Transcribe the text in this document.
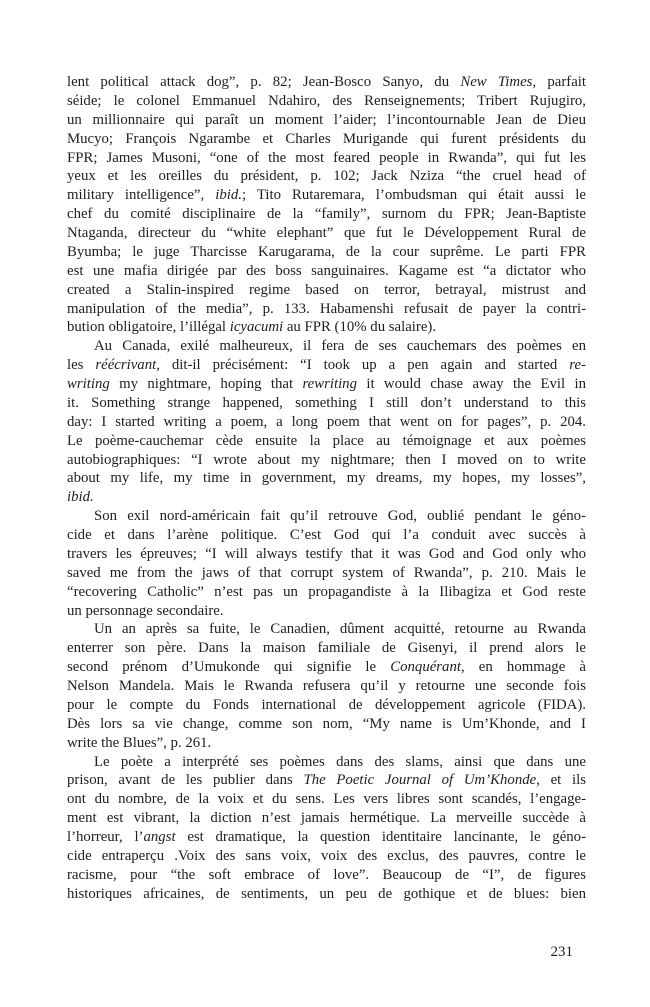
lent political attack dog”, p. 82; Jean-Bosco Sanyo, du New Times, parfait
séide; le colonel Emmanuel Ndahiro, des Renseignements; Tribert Rujugiro,
un millionnaire qui paraît un moment l’aider; l’incontournable Jean de Dieu
Mucyo; François Ngarambe et Charles Murigande qui furent présidents du
FPR; James Musoni, “one of the most feared people in Rwanda”, qui fut les
yeux et les oreilles du président, p. 102; Jack Nziza “the cruel head of
military intelligence”, ibid.; Tito Rutaremara, l’ombudsman qui était aussi le
chef du comité disciplinaire de la “family”, surnom du FPR; Jean-Baptiste
Ntaganda, directeur du “white elephant” que fut le Développement Rural de
Byumba; le juge Tharcisse Karugarama, de la cour suprême. Le parti FPR
est une mafia dirigée par des boss sanguinaires. Kagame est “a dictator who
created a Stalin-inspired regime based on terror, betrayal, mistrust and
manipulation of the media”, p. 133. Habamenshi refusait de payer la contri-
bution obligatoire, l’illégal icyacumi au FPR (10% du salaire).
Au Canada, exilé malheureux, il fera de ses cauchemars des poèmes en
les réécrivant, dit-il précisément: “I took up a pen again and started re-
writing my nightmare, hoping that rewriting it would chase away the Evil in
it. Something strange happened, something I still don’t understand to this
day: I started writing a poem, a long poem that went on for pages”, p. 204.
Le poème-cauchemar cède ensuite la place au témoignage et aux poèmes
autobiographiques: “I wrote about my nightmare; then I moved on to write
about my life, my time in government, my dreams, my hopes, my losses”,
ibid.
Son exil nord-américain fait qu’il retrouve God, oublié pendant le géno-
cide et dans l’arène politique. C’est God qui l’a conduit avec succès à
travers les épreuves; “I will always testify that it was God and God only who
saved me from the jaws of that corrupt system of Rwanda”, p. 210. Mais le
“recovering Catholic” n’est pas un propagandiste à la Ilibagiza et God reste
un personnage secondaire.
Un an après sa fuite, le Canadien, dûment acquitté, retourne au Rwanda
enterrer son père. Dans la maison familiale de Gisenyi, il prend alors le
second prénom d’Umukonde qui signifie le Conquérant, en hommage à
Nelson Mandela. Mais le Rwanda refusera qu’il y retourne une seconde fois
pour le compte du Fonds international de développement agricole (FIDA).
Dès lors sa vie change, comme son nom, “My name is Um’Khonde, and I
write the Blues”, p. 261.
Le poète a interprété ses poèmes dans des slams, ainsi que dans une
prison, avant de les publier dans The Poetic Journal of Um’Khonde, et ils
ont du nombre, de la voix et du sens. Les vers libres sont scandés, l’engage-
ment est vibrant, la diction n’est jamais hermétique. La merveille succède à
l’horreur, l’angst est dramatique, la question identitaire lancinante, le géno-
cide entraperçu .Voix des sans voix, voix des exclus, des pauvres, contre le
racisme, pour “the soft embrace of love”. Beaucoup de “I”, de figures
historiques africaines, de sentiments, un peu de gothique et de blues: bien
231
